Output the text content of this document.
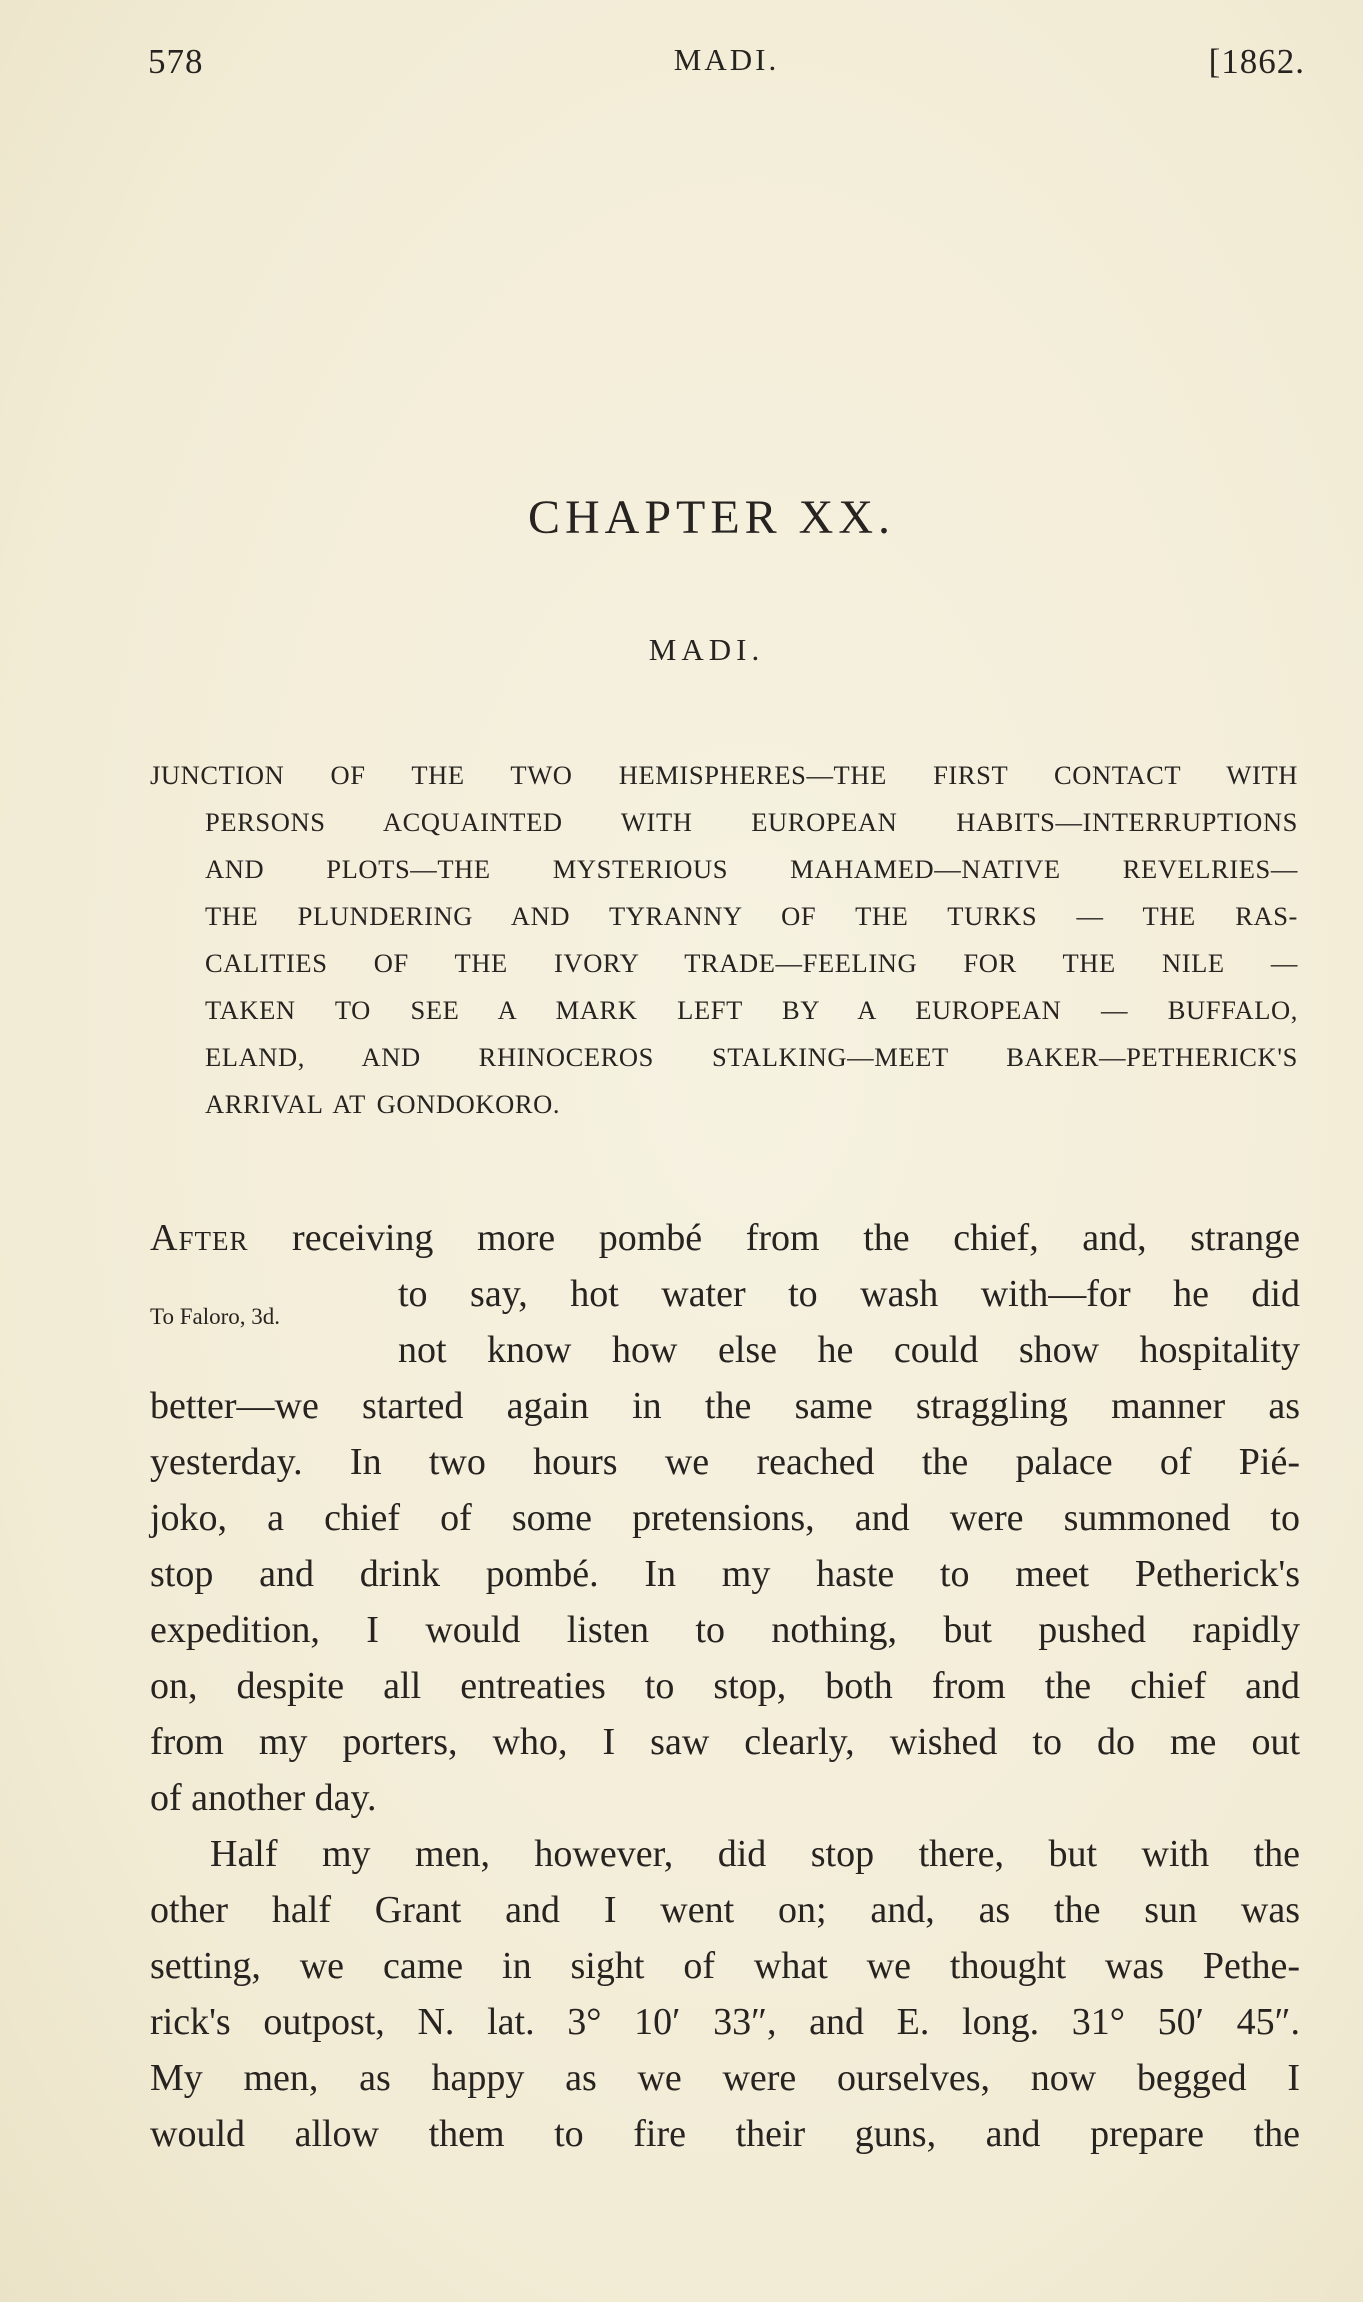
578	MADI.	[1862.
CHAPTER XX.
MADI.
JUNCTION OF THE TWO HEMISPHERES—THE FIRST CONTACT WITH
PERSONS ACQUAINTED WITH EUROPEAN HABITS—INTERRUPTIONS
AND PLOTS—THE MYSTERIOUS MAHAMED—NATIVE REVELRIES—
THE PLUNDERING AND TYRANNY OF THE TURKS — THE RAS-
CALITIES OF THE IVORY TRADE—FEELING FOR THE NILE —
TAKEN TO SEE A MARK LEFT BY A EUROPEAN — BUFFALO,
ELAND, AND RHINOCEROS STALKING—MEET BAKER—PETHERICK'S
ARRIVAL AT GONDOKORO.
To Faloro, 3d.
After receiving more pombé from the chief, and, strange
to say, hot water to wash with—for he did
not know how else he could show hospitality
better—we started again in the same straggling manner as
yesterday. In two hours we reached the palace of Pié-
joko, a chief of some pretensions, and were summoned to
stop and drink pombé. In my haste to meet Petherick's
expedition, I would listen to nothing, but pushed rapidly
on, despite all entreaties to stop, both from the chief and
from my porters, who, I saw clearly, wished to do me out
of another day.
Half my men, however, did stop there, but with the
other half Grant and I went on; and, as the sun was
setting, we came in sight of what we thought was Pethe-
rick's outpost, N. lat. 3° 10′ 33″, and E. long. 31° 50′ 45″.
My men, as happy as we were ourselves, now begged I
would allow them to fire their guns, and prepare the
